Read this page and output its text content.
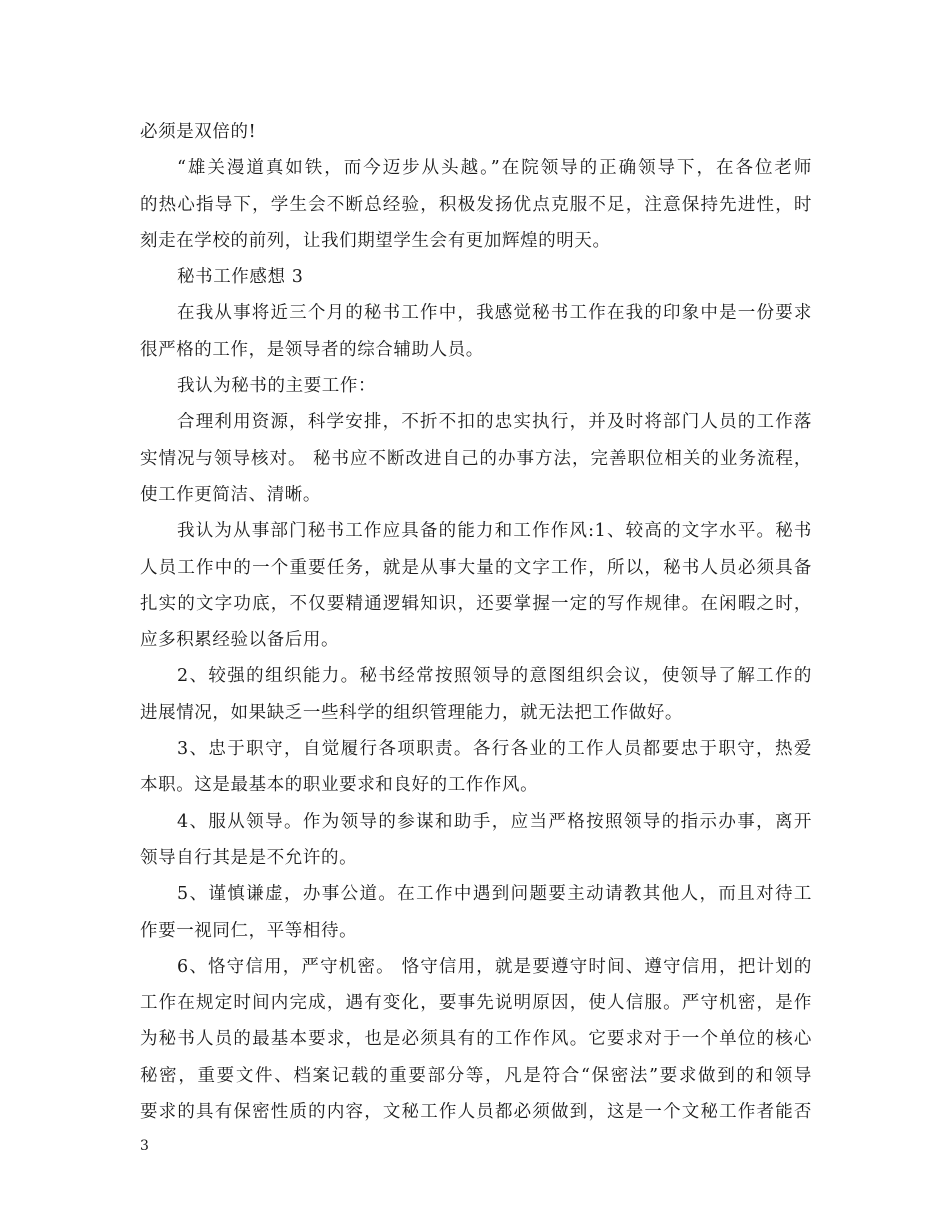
必须是双倍的!
“雄关漫道真如铁，而今迈步从头越。”在院领导的正确领导下，在各位老师
的热心指导下，学生会不断总经验，积极发扬优点克服不足，注意保持先进性，时
刻走在学校的前列，让我们期望学生会有更加辉煌的明天。
秘书工作感想 3
在我从事将近三个月的秘书工作中，我感觉秘书工作在我的印象中是一份要求
很严格的工作，是领导者的综合辅助人员。
我认为秘书的主要工作：
合理利用资源，科学安排，不折不扣的忠实执行，并及时将部门人员的工作落
实情况与领导核对。 秘书应不断改进自己的办事方法，完善职位相关的业务流程，
使工作更简洁、清晰。
我认为从事部门秘书工作应具备的能力和工作作风:1、较高的文字水平。秘书
人员工作中的一个重要任务，就是从事大量的文字工作，所以，秘书人员必须具备
扎实的文字功底，不仅要精通逻辑知识，还要掌握一定的写作规律。在闲暇之时，
应多积累经验以备后用。
2、较强的组织能力。秘书经常按照领导的意图组织会议，使领导了解工作的
进展情况，如果缺乏一些科学的组织管理能力，就无法把工作做好。
3、忠于职守，自觉履行各项职责。各行各业的工作人员都要忠于职守，热爱
本职。这是最基本的职业要求和良好的工作作风。
4、服从领导。作为领导的参谋和助手，应当严格按照领导的指示办事，离开
领导自行其是是不允许的。
5、谨慎谦虚，办事公道。在工作中遇到问题要主动请教其他人，而且对待工
作要一视同仁，平等相待。
6、恪守信用，严守机密。 恪守信用，就是要遵守时间、遵守信用，把计划的
工作在规定时间内完成，遇有变化，要事先说明原因，使人信服。严守机密，是作
为秘书人员的最基本要求，也是必须具有的工作作风。它要求对于一个单位的核心
秘密，重要文件、档案记载的重要部分等，凡是符合“保密法”要求做到的和领导
要求的具有保密性质的内容，文秘工作人员都必须做到，这是一个文秘工作者能否
3
